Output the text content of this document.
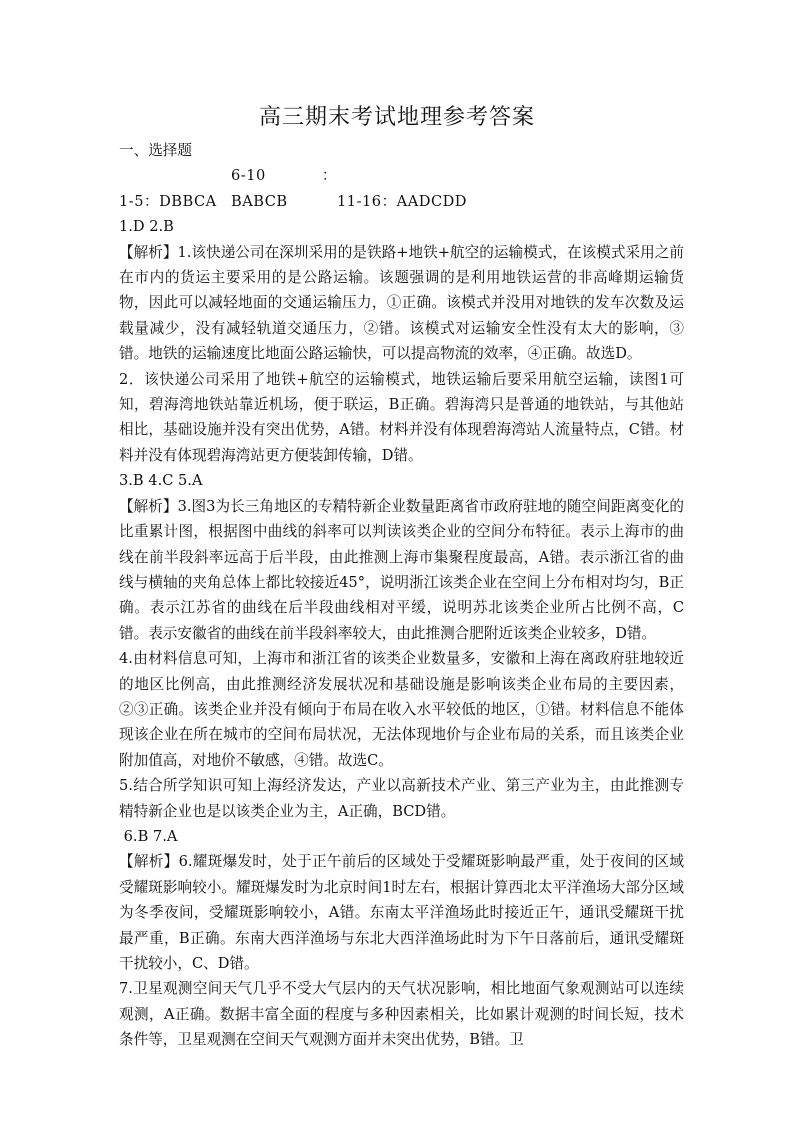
高三期末考试地理参考答案

一、选择题

1-5：DBBCA6-10：BABCB	11-16：AADCDD

1.D 2.B

【解析】1.该快递公司在深圳采用的是铁路+地铁+航空的运输模式，在该模式采用之前在市内的货运主要采用的是公路运输。该题强调的是利用地铁运营的非高峰期运输货物，因此可以减轻地面的交通运输压力，①正确。该模式并没用对地铁的发车次数及运载量减少，没有减轻轨道交通压力，②错。该模式对运输安全性没有太大的影响，③错。地铁的运输速度比地面公路运输快，可以提高物流的效率，④正确。故选D。

2．该快递公司采用了地铁+航空的运输模式，地铁运输后要采用航空运输，读图1可知，碧海湾地铁站靠近机场，便于联运，B正确。碧海湾只是普通的地铁站，与其他站相比，基础设施并没有突出优势，A错。材料并没有体现碧海湾站人流量特点，C错。材料并没有体现碧海湾站更方便装卸传输，D错。

3.B 4.C 5.A

【解析】3.图3为长三角地区的专精特新企业数量距离省市政府驻地的随空间距离变化的比重累计图，根据图中曲线的斜率可以判读该类企业的空间分布特征。表示上海市的曲线在前半段斜率远高于后半段，由此推测上海市集聚程度最高，A错。表示浙江省的曲线与横轴的夹角总体上都比较接近45°，说明浙江该类企业在空间上分布相对均匀，B正确。表示江苏省的曲线在后半段曲线相对平缓，说明苏北该类企业所占比例不高，C错。表示安徽省的曲线在前半段斜率较大，由此推测合肥附近该类企业较多，D错。

4.由材料信息可知，上海市和浙江省的该类企业数量多，安徽和上海在离政府驻地较近的地区比例高，由此推测经济发展状况和基础设施是影响该类企业布局的主要因素，②③正确。该类企业并没有倾向于布局在收入水平较低的地区，①错。材料信息不能体现该企业在所在城市的空间布局状况，无法体现地价与企业布局的关系，而且该类企业附加值高，对地价不敏感，④错。故选C。

5.结合所学知识可知上海经济发达，产业以高新技术产业、第三产业为主，由此推测专精特新企业也是以该类企业为主，A正确，BCD错。

6.B 7.A

【解析】6.耀斑爆发时，处于正午前后的区域处于受耀斑影响最严重，处于夜间的区域受耀斑影响较小。耀斑爆发时为北京时间1时左右，根据计算西北太平洋渔场大部分区域为冬季夜间，受耀斑影响较小，A错。东南太平洋渔场此时接近正午，通讯受耀斑干扰最严重，B正确。东南大西洋渔场与东北大西洋渔场此时为下午日落前后，通讯受耀斑干扰较小，C、D错。

7.卫星观测空间天气几乎不受大气层内的天气状况影响，相比地面气象观测站可以连续观测，A正确。数据丰富全面的程度与多种因素相关，比如累计观测的时间长短，技术条件等，卫星观测在空间天气观测方面并未突出优势，B错。卫
